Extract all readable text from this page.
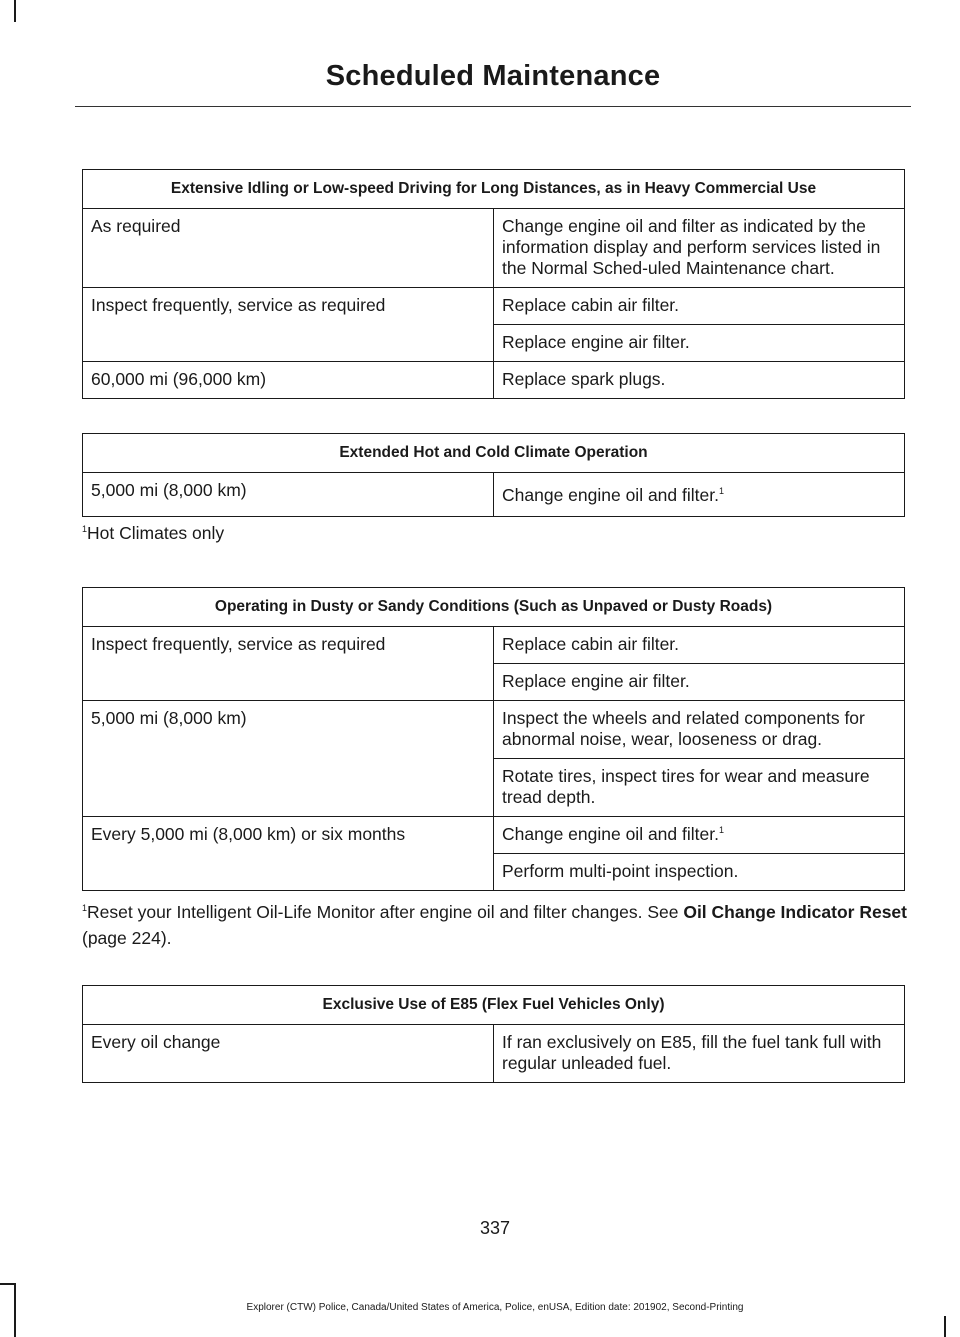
Scheduled Maintenance
Extensive Idling or Low-speed Driving for Long Distances, as in Heavy Commercial Use	
As required	Change engine oil and filter as indicated by the information display and perform services listed in the Normal Sched-uled Maintenance chart.
Inspect frequently, service as required	Replace cabin air filter.
	Replace engine air filter.
60,000 mi (96,000 km)	Replace spark plugs.
Extended Hot and Cold Climate Operation
5,000 mi (8,000 km)	Change engine oil and filter.$^1$
$^1$Hot Climates only
Operating in Dusty or Sandy Conditions (Such as Unpaved or Dusty Roads)	
Inspect frequently, service as required	Replace cabin air filter.
	Replace engine air filter.
5,000 mi (8,000 km)	Inspect the wheels and related components for abnormal noise, wear, looseness or drag.
	Rotate tires, inspect tires for wear and measure tread depth.
Every 5,000 mi (8,000 km) or six months	Change engine oil and filter.$^1$
	Perform multi-point inspection.
$^1$Reset your Intelligent Oil-Life Monitor after engine oil and filter changes. See Oil Change Indicator Reset (page 224).
Exclusive Use of E85 (Flex Fuel Vehicles Only)
Every oil change	If ran exclusively on E85, fill the fuel tank full with regular unleaded fuel.
337
Explorer (CTW) Police, Canada/United States of America, Police, enUSA, Edition date: 201902, Second-Printing
